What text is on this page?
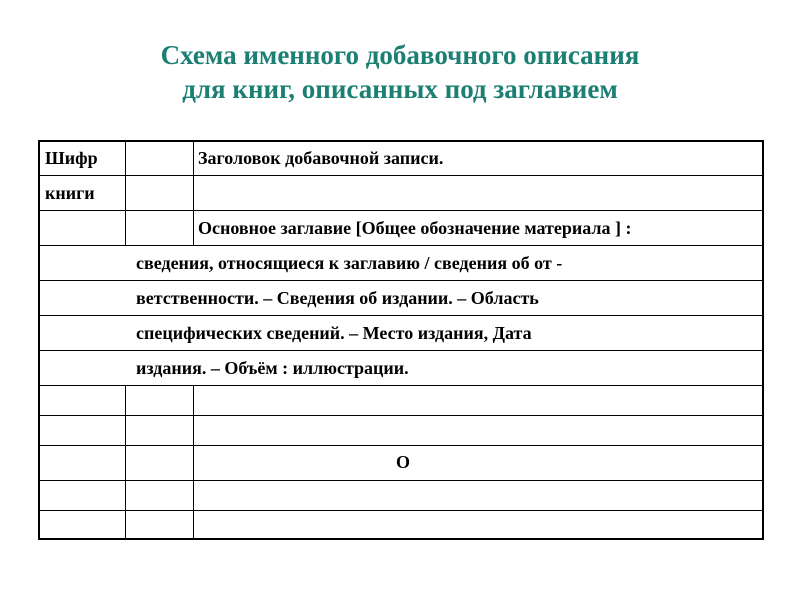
Схема именного добавочного описания
для книг, описанных под заглавием
Шифр
книги
Заголовок добавочной записи.
Основное заглавие [Общее обозначение материала ] :
сведения, относящиеся к заглавию / сведения об от -
ветственности. – Сведения об издании. – Область
специфических сведений. – Место издания, Дата
издания. – Объём : иллюстрации.
О
